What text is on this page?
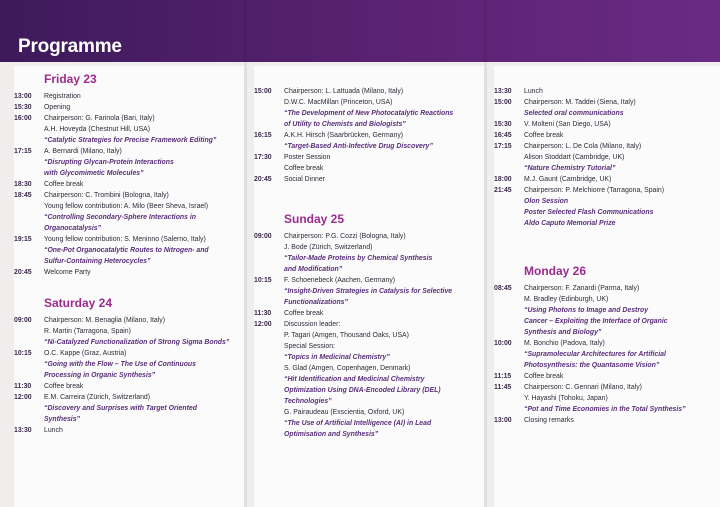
Programme
Friday 23
13:00	Registration
15:30	Opening
16:00	Chairperson: G. Farinola (Bari, Italy)
A.H. Hoveyda (Chestnut Hill, USA)
“Catalytic Strategies for Precise Framework Editing”
17:15	A. Bernardi (Milano, Italy)
“Disrupting Glycan-Protein Interactions
with Glycomimetic Molecules”
18:30	Coffee break
18:45	Chairperson: C. Trombini (Bologna, Italy)
Young fellow contribution: A. Milo (Beer Sheva, Israel)
“Controlling Secondary-Sphere Interactions in
Organocatalysis”
19:15	Young fellow contribution: S. Meninno (Salerno, Italy)
“One-Pot Organocatalytic Routes to Nitrogen- and
Sulfur-Containing Heterocycles”
20:45	Welcome Party
Saturday 24
09:00	Chairperson: M. Benaglia (Milano, Italy)
R. Martin (Tarragona, Spain)
“Ni-Catalyzed Functionalization of Strong Sigma Bonds”
10:15	O.C. Kappe (Graz, Austria)
“Going with the Flow – The Use of Continuous
Processing in Organic Synthesis”
11:30	Coffee break
12:00	E.M. Carreira (Zürich, Switzerland)
“Discovery and Surprises with Target Oriented
Synthesis”
13:30	Lunch
15:00	Chairperson: L. Lattuada (Milano, Italy)
D.W.C. MacMillan (Princeton, USA)
“The Development of New Photocatalytic Reactions
of Utility to Chemists and Biologists”
16:15	A.K.H. Hirsch (Saarbrücken, Germany)
“Target-Based Anti-Infective Drug Discovery”
17:30	Poster Session
Coffee break
20:45	Social Dinner
Sunday 25
09:00	Chairperson: P.G. Cozzi (Bologna, Italy)
J. Bode (Zürich, Switzerland)
“Tailor-Made Proteins by Chemical Synthesis
and Modification”
10:15	F. Schoenebeck (Aachen, Germany)
“Insight-Driven Strategies in Catalysis for Selective
Functionalizations”
11:30	Coffee break
12:00	Discussion leader:
P. Tagari (Amgen, Thousand Oaks, USA)
Special Session:
“Topics in Medicinal Chemistry”
S. Glad (Amgen, Copenhagen, Denmark)
“Hit Identification and Medicinal Chemistry
Optimization Using DNA-Encoded Library (DEL)
Technologies”
G. Pairaudeau (Exscientia, Oxford, UK)
“The Use of Artificial Intelligence (AI) in Lead
Optimisation and Synthesis”
13:30	Lunch
15:00	Chairperson: M. Taddei (Siena, Italy)
Selected oral communications
15:30	V. Molteni (San Diego, USA)
16:45	Coffee break
17:15	Chairperson: L. De Cola (Milano, Italy)
Alison Stoddart (Cambridge, UK)
“Nature Chemistry Tutorial”
18:00	M.J. Gaunt (Cambridge, UK)
21:45	Chairperson: P. Melchiorre (Tarragona, Spain)
Olon Session
Poster Selected Flash Communications
Aldo Caputo Memorial Prize
Monday 26
08:45	Chairperson: F. Zanardi (Parma, Italy)
M. Bradley (Edinburgh, UK)
“Using Photons to Image and Destroy
Cancer – Exploiting the Interface of Organic
Synthesis and Biology”
10:00	M. Bonchio (Padova, Italy)
“Supramolecular Architectures for Artificial
Photosynthesis: the Quantasome Vision”
11:15	Coffee break
11:45	Chairperson: C. Gennari (Milano, Italy)
Y. Hayashi (Tohoku, Japan)
“Pot and Time Economies in the Total Synthesis”
13:00	Closing remarks
